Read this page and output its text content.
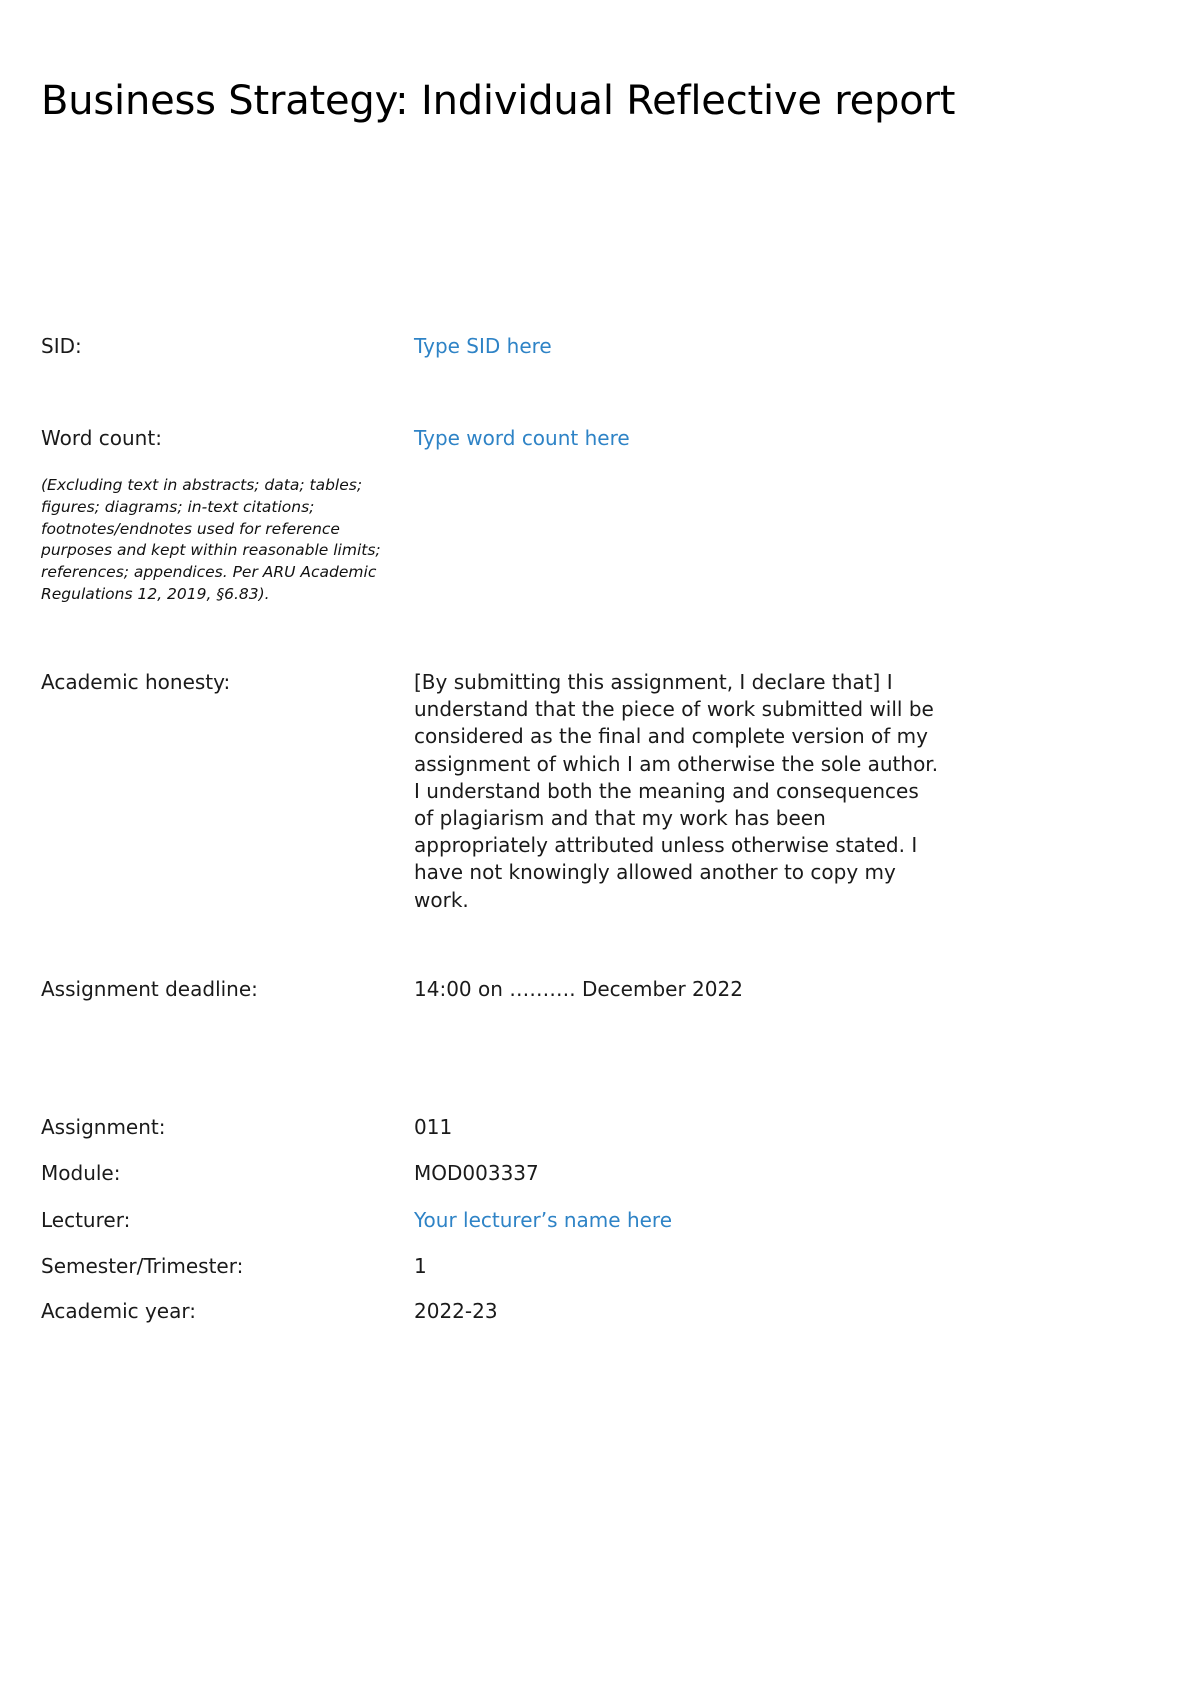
Business Strategy: Individual Reflective report
SID:	Type SID here
Word count:	Type word count here

(Excluding text in abstracts; data; tables; figures; diagrams; in-text citations; footnotes/endnotes used for reference purposes and kept within reasonable limits; references; appendices. Per ARU Academic Regulations 12, 2019, §6.83).

Academic honesty:	[By submitting this assignment, I declare that] I understand that the piece of work submitted will be considered as the final and complete version of my assignment of which I am otherwise the sole author. I understand both the meaning and consequences of plagiarism and that my work has been appropriately attributed unless otherwise stated. I have not knowingly allowed another to copy my work.

Assignment deadline:	14:00 on ………. December 2022
Assignment:	011
Module:	MOD003337
Lecturer:	Your lecturer’s name here
Semester/Trimester:	1
Academic year:	2022-23
